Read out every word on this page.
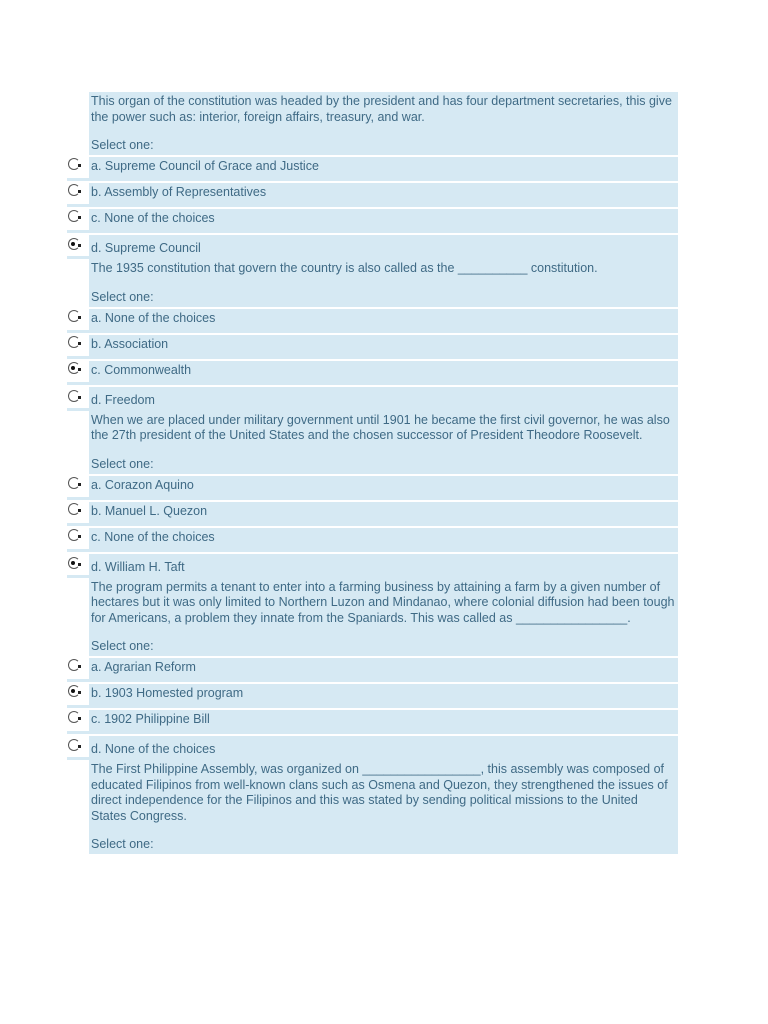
This organ of the constitution was headed by the president and has four department secretaries, this give the power such as: interior, foreign affairs, treasury, and war.
Select one:
a. Supreme Council of Grace and Justice
b. Assembly of Representatives
c. None of the choices
d. Supreme Council
The 1935 constitution that govern the country is also called as the __________ constitution.
Select one:
a. None of the choices
b. Association
c. Commonwealth
d. Freedom
When we are placed under military government until 1901 he became the first civil governor, he was also the 27th president of the United States and the chosen successor of President Theodore Roosevelt.
Select one:
a. Corazon Aquino
b. Manuel L. Quezon
c. None of the choices
d. William H. Taft
The program permits a tenant to enter into a farming business by attaining a farm by a given number of hectares but it was only limited to Northern Luzon and Mindanao, where colonial diffusion had been tough for Americans, a problem they innate from the Spaniards. This was called as ________________.
Select one:
a. Agrarian Reform
b. 1903 Homested program
c. 1902 Philippine Bill
d. None of the choices
The First Philippine Assembly, was organized on _________________, this assembly was composed of educated Filipinos from well-known clans such as Osmena and Quezon, they strengthened the issues of direct independence for the Filipinos and this was stated by sending political missions to the United States Congress.
Select one:
